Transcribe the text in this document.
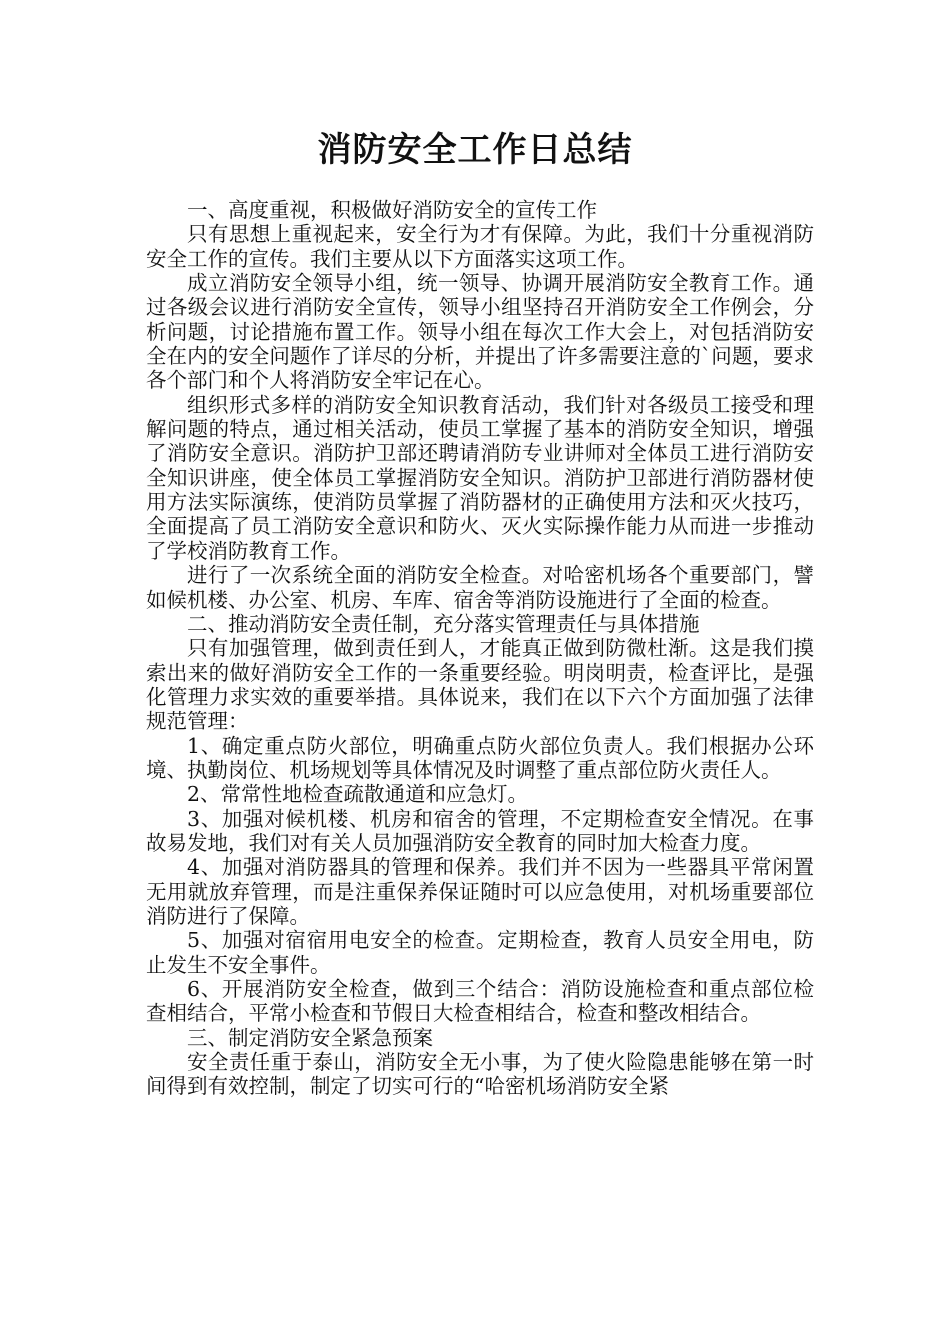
消防安全工作日总结

一、高度重视，积极做好消防安全的宣传工作

只有思想上重视起来，安全行为才有保障。为此，我们十分重视消防安全工作的宣传。我们主要从以下方面落实这项工作。

成立消防安全领导小组，统一领导、协调开展消防安全教育工作。通过各级会议进行消防安全宣传，领导小组坚持召开消防安全工作例会，分析问题，讨论措施布置工作。领导小组在每次工作大会上，对包括消防安全在内的安全问题作了详尽的分析，并提出了许多需要注意的`问题，要求各个部门和个人将消防安全牢记在心。

组织形式多样的消防安全知识教育活动，我们针对各级员工接受和理解问题的特点，通过相关活动，使员工掌握了基本的消防安全知识，增强了消防安全意识。消防护卫部还聘请消防专业讲师对全体员工进行消防安全知识讲座，使全体员工掌握消防安全知识。消防护卫部进行消防器材使用方法实际演练，使消防员掌握了消防器材的正确使用方法和灭火技巧，全面提高了员工消防安全意识和防火、灭火实际操作能力从而进一步推动了学校消防教育工作。

进行了一次系统全面的消防安全检查。对哈密机场各个重要部门，譬如候机楼、办公室、机房、车库、宿舍等消防设施进行了全面的检查。

二、推动消防安全责任制，充分落实管理责任与具体措施

只有加强管理，做到责任到人，才能真正做到防微杜渐。这是我们摸索出来的做好消防安全工作的一条重要经验。明岗明责，检查评比，是强化管理力求实效的重要举措。具体说来，我们在以下六个方面加强了法律规范管理：

1、确定重点防火部位，明确重点防火部位负责人。我们根据办公环境、执勤岗位、机场规划等具体情况及时调整了重点部位防火责任人。

2、常常性地检查疏散通道和应急灯。

3、加强对候机楼、机房和宿舍的管理，不定期检查安全情况。在事故易发地，我们对有关人员加强消防安全教育的同时加大检查力度。

4、加强对消防器具的管理和保养。我们并不因为一些器具平常闲置无用就放弃管理，而是注重保养保证随时可以应急使用，对机场重要部位消防进行了保障。

5、加强对宿宿用电安全的检查。定期检查，教育人员安全用电，防止发生不安全事件。

6、开展消防安全检查，做到三个结合：消防设施检查和重点部位检查相结合，平常小检查和节假日大检查相结合，检查和整改相结合。

三、制定消防安全紧急预案

安全责任重于泰山，消防安全无小事，为了使火险隐患能够在第一时间得到有效控制，制定了切实可行的“哈密机场消防安全紧
